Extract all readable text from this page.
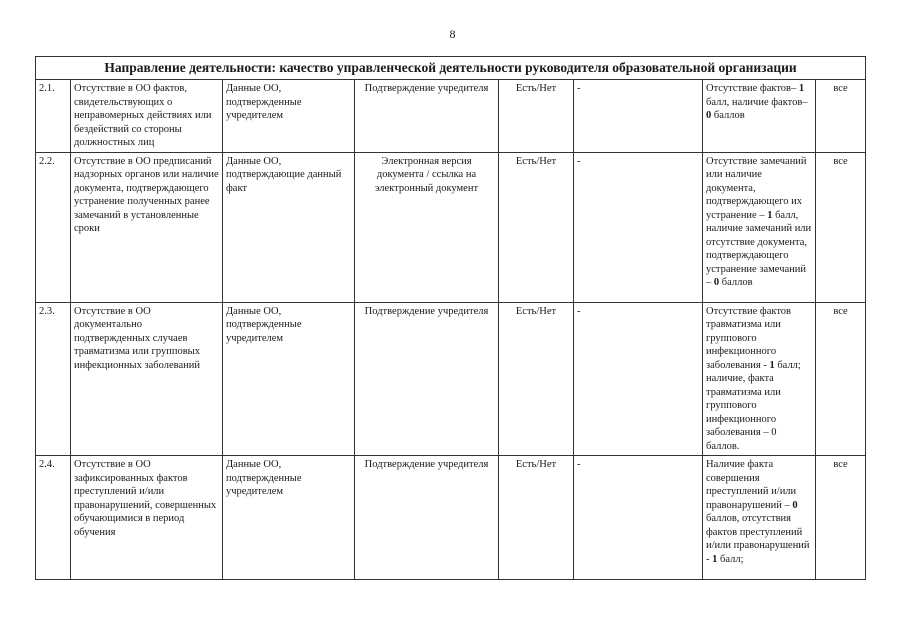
8
Направление деятельности: качество управленческой деятельности руководителя образовательной организации							
2.1.	Отсутствие в ОО фактов, свидетельствующих о неправомерных действиях или бездействий со стороны должностных лиц	Данные ОО, подтвержденные учредителем	Подтверждение учредителя	Есть/Нет	-	Отсутствие фактов– 1 балл, наличие фактов– 0 баллов	все
2.2.	Отсутствие в ОО предписаний надзорных органов или наличие документа, подтверждающего устранение полученных ранее замечаний в установленные сроки	Данные ОО, подтверждающие данный факт	Электронная версия документа / ссылка на электронный документ	Есть/Нет	-	Отсутствие замечаний или наличие документа, подтверждающего их устранение – 1 балл, наличие замечаний или отсутствие документа, подтверждающего устранение замечаний – 0 баллов	все
2.3.	Отсутствие в ОО документально подтвержденных случаев травматизма или групповых инфекционных заболеваний	Данные ОО, подтвержденные учредителем	Подтверждение учредителя	Есть/Нет	-	Отсутствие фактов травматизма или группового инфекционного заболевания - 1 балл; наличие, факта травматизма или группового инфекционного заболевания – 0 баллов.	все
2.4.	Отсутствие в ОО зафиксированных фактов преступлений и/или правонарушений, совершенных обучающимися в период обучения	Данные ОО, подтвержденные учредителем	Подтверждение учредителя	Есть/Нет	-	Наличие факта совершения преступлений и/или правонарушений – 0 баллов, отсутствия фактов преступлений и/или правонарушений - 1 балл;	все
